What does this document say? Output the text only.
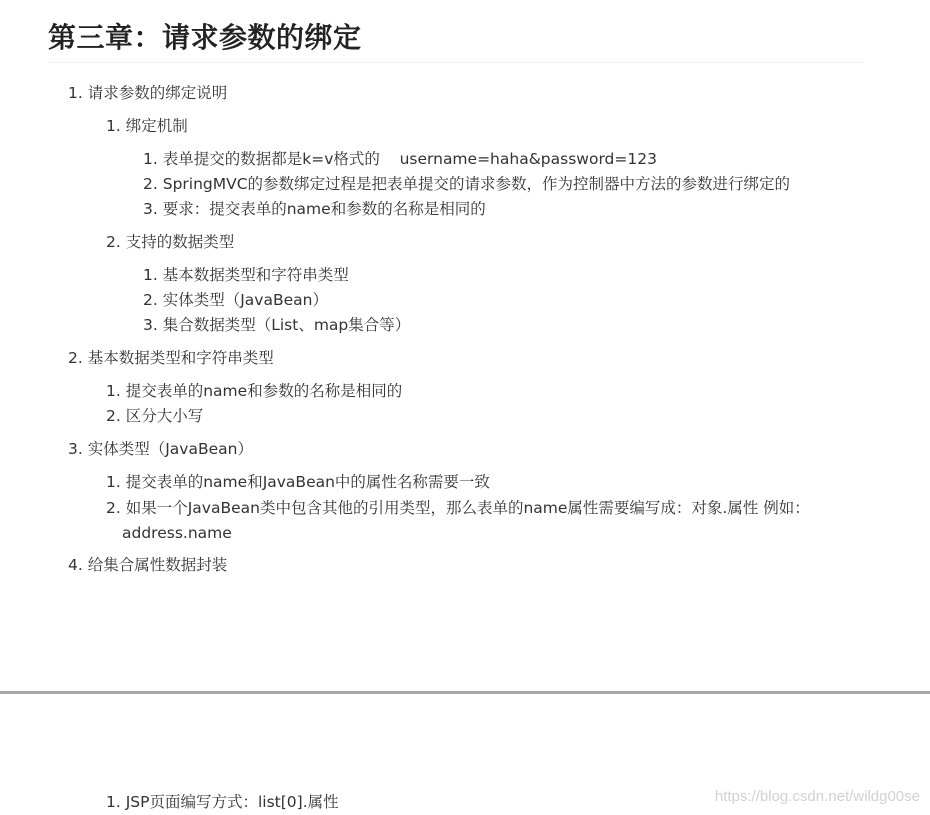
第三章：请求参数的绑定
1. 请求参数的绑定说明
1. 绑定机制
1. 表单提交的数据都是k=v格式的    username=haha&password=123
2. SpringMVC的参数绑定过程是把表单提交的请求参数，作为控制器中方法的参数进行绑定的
3. 要求：提交表单的name和参数的名称是相同的
2. 支持的数据类型
1. 基本数据类型和字符串类型
2. 实体类型（JavaBean）
3. 集合数据类型（List、map集合等）
2. 基本数据类型和字符串类型
1. 提交表单的name和参数的名称是相同的
2. 区分大小写
3. 实体类型（JavaBean）
1. 提交表单的name和JavaBean中的属性名称需要一致
2. 如果一个JavaBean类中包含其他的引用类型，那么表单的name属性需要编写成：对象.属性 例如：
address.name
4. 给集合属性数据封装
1. JSP页面编写方式：list[0].属性	https://blog.csdn.net/wildg00se
